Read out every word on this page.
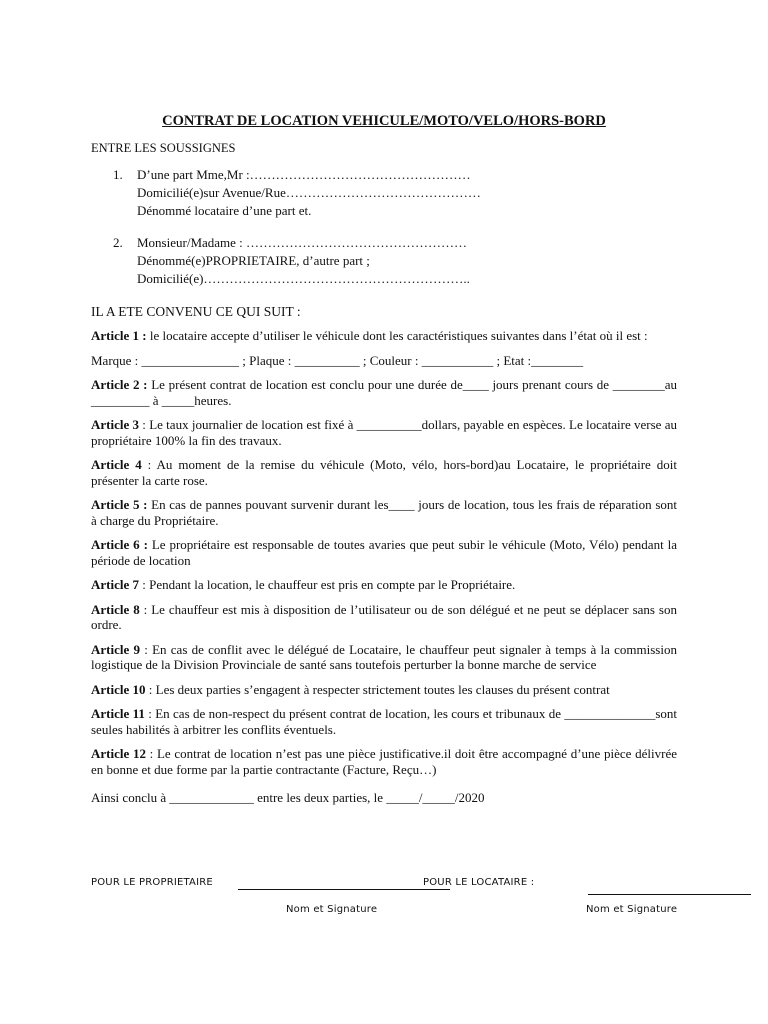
CONTRAT DE LOCATION VEHICULE/MOTO/VELO/HORS-BORD
ENTRE LES SOUSSIGNES
1. D’une part Mme,Mr :……………………………………………
Domicilié(e)sur Avenue/Rue………………………………………
Dénommé locataire d’une part et.
2. Monsieur/Madame : ……………………………………………
Dénommé(e)PROPRIETAIRE, d’autre part ;
Domicilié(e)……………………………………………………..
IL A ETE CONVENU CE QUI SUIT :

Article 1 : le locataire accepte d’utiliser le véhicule dont les caractéristiques suivantes dans l’état où il est :

Marque : _______________ ; Plaque : __________ ; Couleur : ___________ ; Etat :________

Article 2 : Le présent contrat de location est conclu pour une durée de____ jours prenant cours de ________au _________ à _____heures.

Article 3 : Le taux journalier de location est fixé à __________dollars, payable en espèces. Le locataire verse au propriétaire 100% la fin des travaux.

Article 4 : Au moment de la remise du véhicule (Moto, vélo, hors-bord)au Locataire, le propriétaire doit présenter la carte rose.

Article 5 : En cas de pannes pouvant survenir durant les____ jours de location, tous les frais de réparation sont à charge du Propriétaire.

Article 6 : Le propriétaire est responsable de toutes avaries que peut subir le véhicule (Moto, Vélo) pendant la période de location

Article 7 : Pendant la location, le chauffeur est pris en compte par le Propriétaire.

Article 8 : Le chauffeur est mis à disposition de l’utilisateur ou de son délégué et ne peut se déplacer sans son ordre.

Article 9 : En cas de conflit avec le délégué de Locataire, le chauffeur peut signaler à temps à la commission logistique de la Division Provinciale de santé sans toutefois perturber la bonne marche de service

Article 10 : Les deux parties s’engagent à respecter strictement toutes les clauses du présent contrat

Article 11 : En cas de non-respect du présent contrat de location, les cours et tribunaux de ______________sont seules habilités à arbitrer les conflits éventuels.

Article 12 : Le contrat de location n’est pas une pièce justificative.il doit être accompagné d’une pièce délivrée en bonne et due forme par la partie contractante (Facture, Reçu…)

Ainsi conclu à _____________ entre les deux parties, le _____/_____/2020

POUR LE PROPRIETAIRE	POUR LE LOCATAIRE :
Nom et Signature	Nom et Signature
